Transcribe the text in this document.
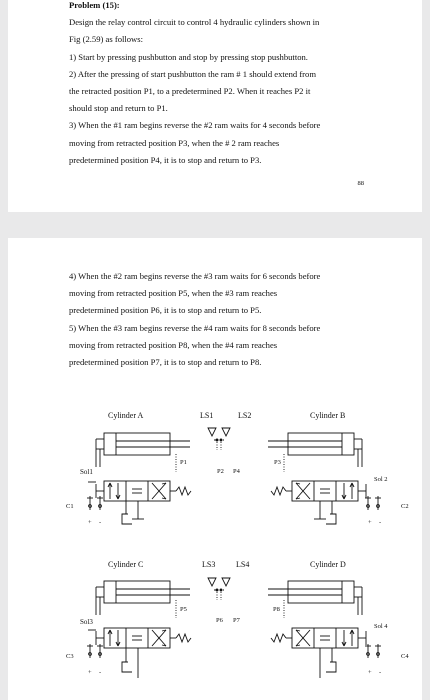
Problem (15):
Design the relay control circuit to control 4 hydraulic cylinders shown in
Fig (2.59) as follows:
1) Start by pressing pushbutton and stop by pressing stop pushbutton.
2) After the pressing of start pushbutton the ram # 1 should extend from
the retracted position P1, to a predetermined P2. When it reaches P2 it
should stop and return to P1.
3) When the #1 ram begins reverse the #2 ram waits for 4 seconds before
moving from retracted position P3, when the # 2 ram reaches
predetermined position P4, it is to stop and return to P3.
88
4) When the #2 ram begins reverse the #3 ram waits for 6 seconds before
moving from retracted position P5, when the #3 ram reaches
predetermined position P6, it is to stop and return to P5.
5) When the #3 ram begins reverse the #4 ram waits for 8 seconds before
moving from retracted position P8, when the #4 ram reaches
predetermined position P7, it is to stop and return to P8.
Cylinder A	LS1	LS2	Cylinder B
P1
P2 P4
P3
Sol1
C1
+ -
Sol 2
C2
+ -
Cylinder C	LS3	LS4	Cylinder D
P5
P6 P7
P8
Sol3
C3
+ -
Sol 4
C4
+ -
